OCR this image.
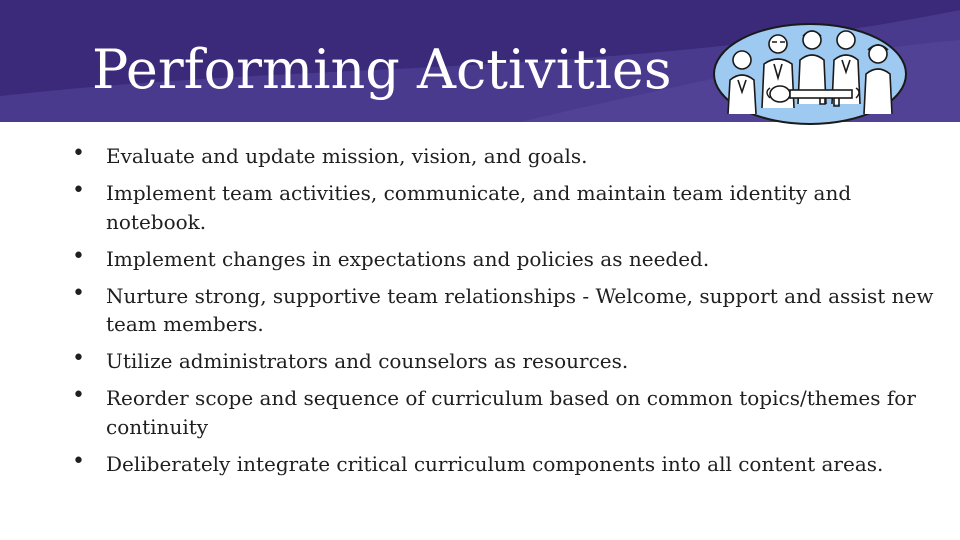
Performing Activities
• Evaluate and update mission, vision, and goals.
• Implement team activities, communicate, and maintain team identity and notebook.
• Implement changes in expectations and policies as needed.
• Nurture strong, supportive team relationships - Welcome, support and assist new team members.
• Utilize administrators and counselors as resources.
• Reorder scope and sequence of curriculum based on common topics/themes for continuity
• Deliberately integrate critical curriculum components into all content areas.
